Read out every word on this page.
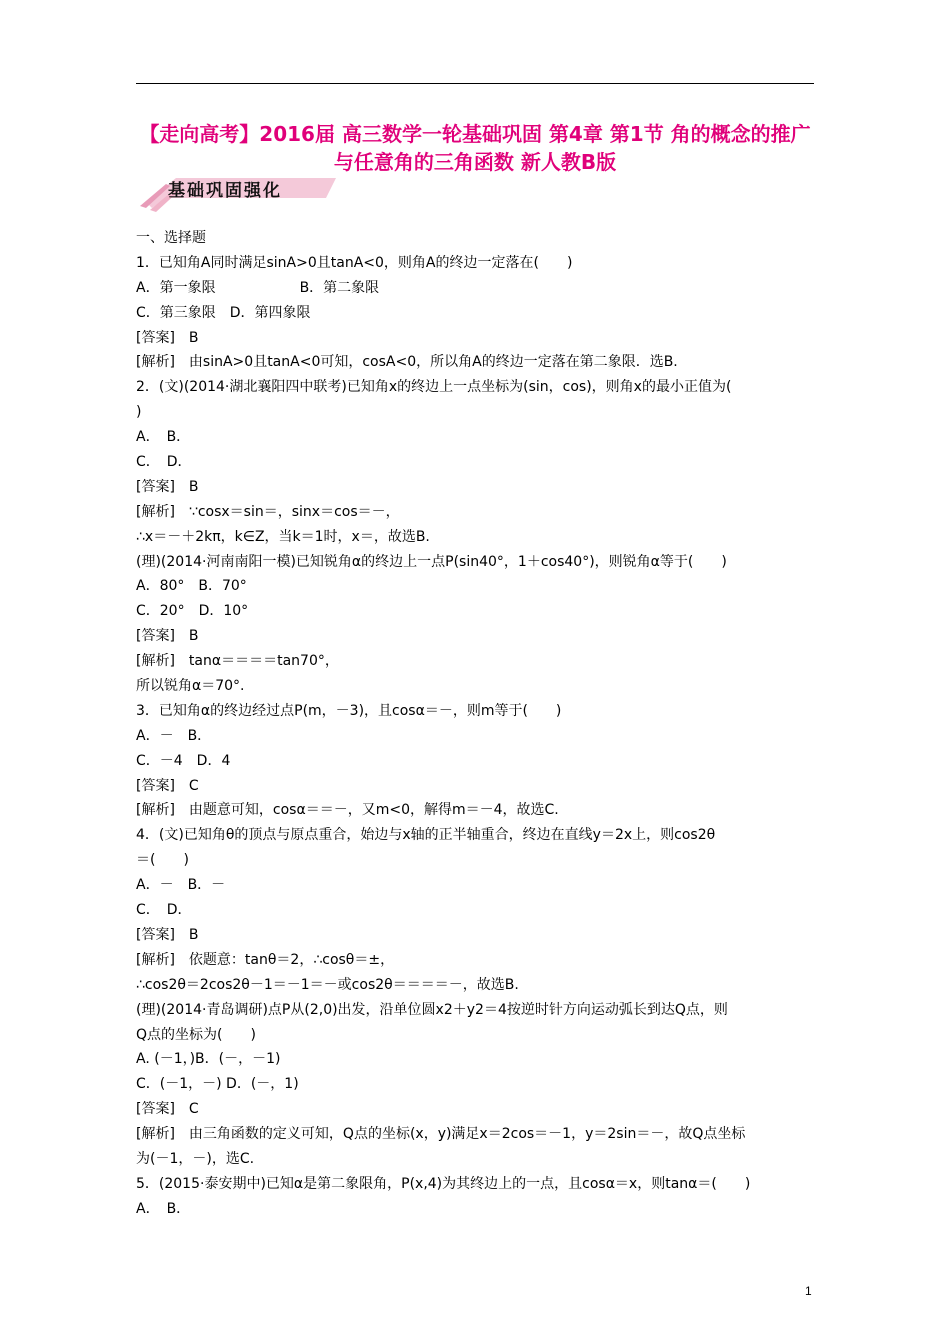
【走向高考】2016届 高三数学一轮基础巩固 第4章 第1节 角的概念的推广与任意角的三角函数 新人教B版
基础巩固强化
一、选择题
1．已知角A同时满足sinA>0且tanA<0，则角A的终边一定落在(　　)
A．第一象限　　　　　　B．第二象限
C．第三象限　D．第四象限
[答案]　B
[解析]　由sinA>0且tanA<0可知，cosA<0，所以角A的终边一定落在第二象限．选B.
2．(文)(2014·湖北襄阳四中联考)已知角x的终边上一点坐标为(sin，cos)，则角x的最小正值为(
)
A．　B．
C．　D．
[答案]　B
[解析]　∵cosx＝sin＝，sinx＝cos＝－，
∴x＝－＋2kπ，k∈Z，当k＝1时，x＝，故选B.
(理)(2014·河南南阳一模)已知锐角α的终边上一点P(sin40°，1＋cos40°)，则锐角α等于(　　)
A．80°　B．70°
C．20°　D．10°
[答案]　B
[解析]　tanα＝＝＝＝tan70°，
所以锐角α＝70°.
3．已知角α的终边经过点P(m，－3)，且cosα＝－，则m等于(　　)
A．－　B．
C．－4　D．4
[答案]　C
[解析]　由题意可知，cosα＝＝－，又m<0，解得m＝－4，故选C.
4．(文)已知角θ的顶点与原点重合，始边与x轴的正半轴重合，终边在直线y＝2x上，则cos2θ
＝(　　)
A．－　B．－
C．　D．
[答案]　B
[解析]　依题意：tanθ＝2，∴cosθ＝±，
∴cos2θ＝2cos2θ－1＝－1＝－或cos2θ＝＝＝＝－，故选B.
(理)(2014·青岛调研)点P从(2,0)出发，沿单位圆x2＋y2＝4按逆时针方向运动弧长到达Q点，则
Q点的坐标为(　　)
A. (－1，)B．(－，－1)
C．(－1，－) D．(－，1)
[答案]　C
[解析]　由三角函数的定义可知，Q点的坐标(x，y)满足x＝2cos＝－1，y＝2sin＝－，故Q点坐标
为(－1，－)，选C.
5．(2015·泰安期中)已知α是第二象限角，P(x,4)为其终边上的一点，且cosα＝x，则tanα＝(　　)
A．　B．
1
